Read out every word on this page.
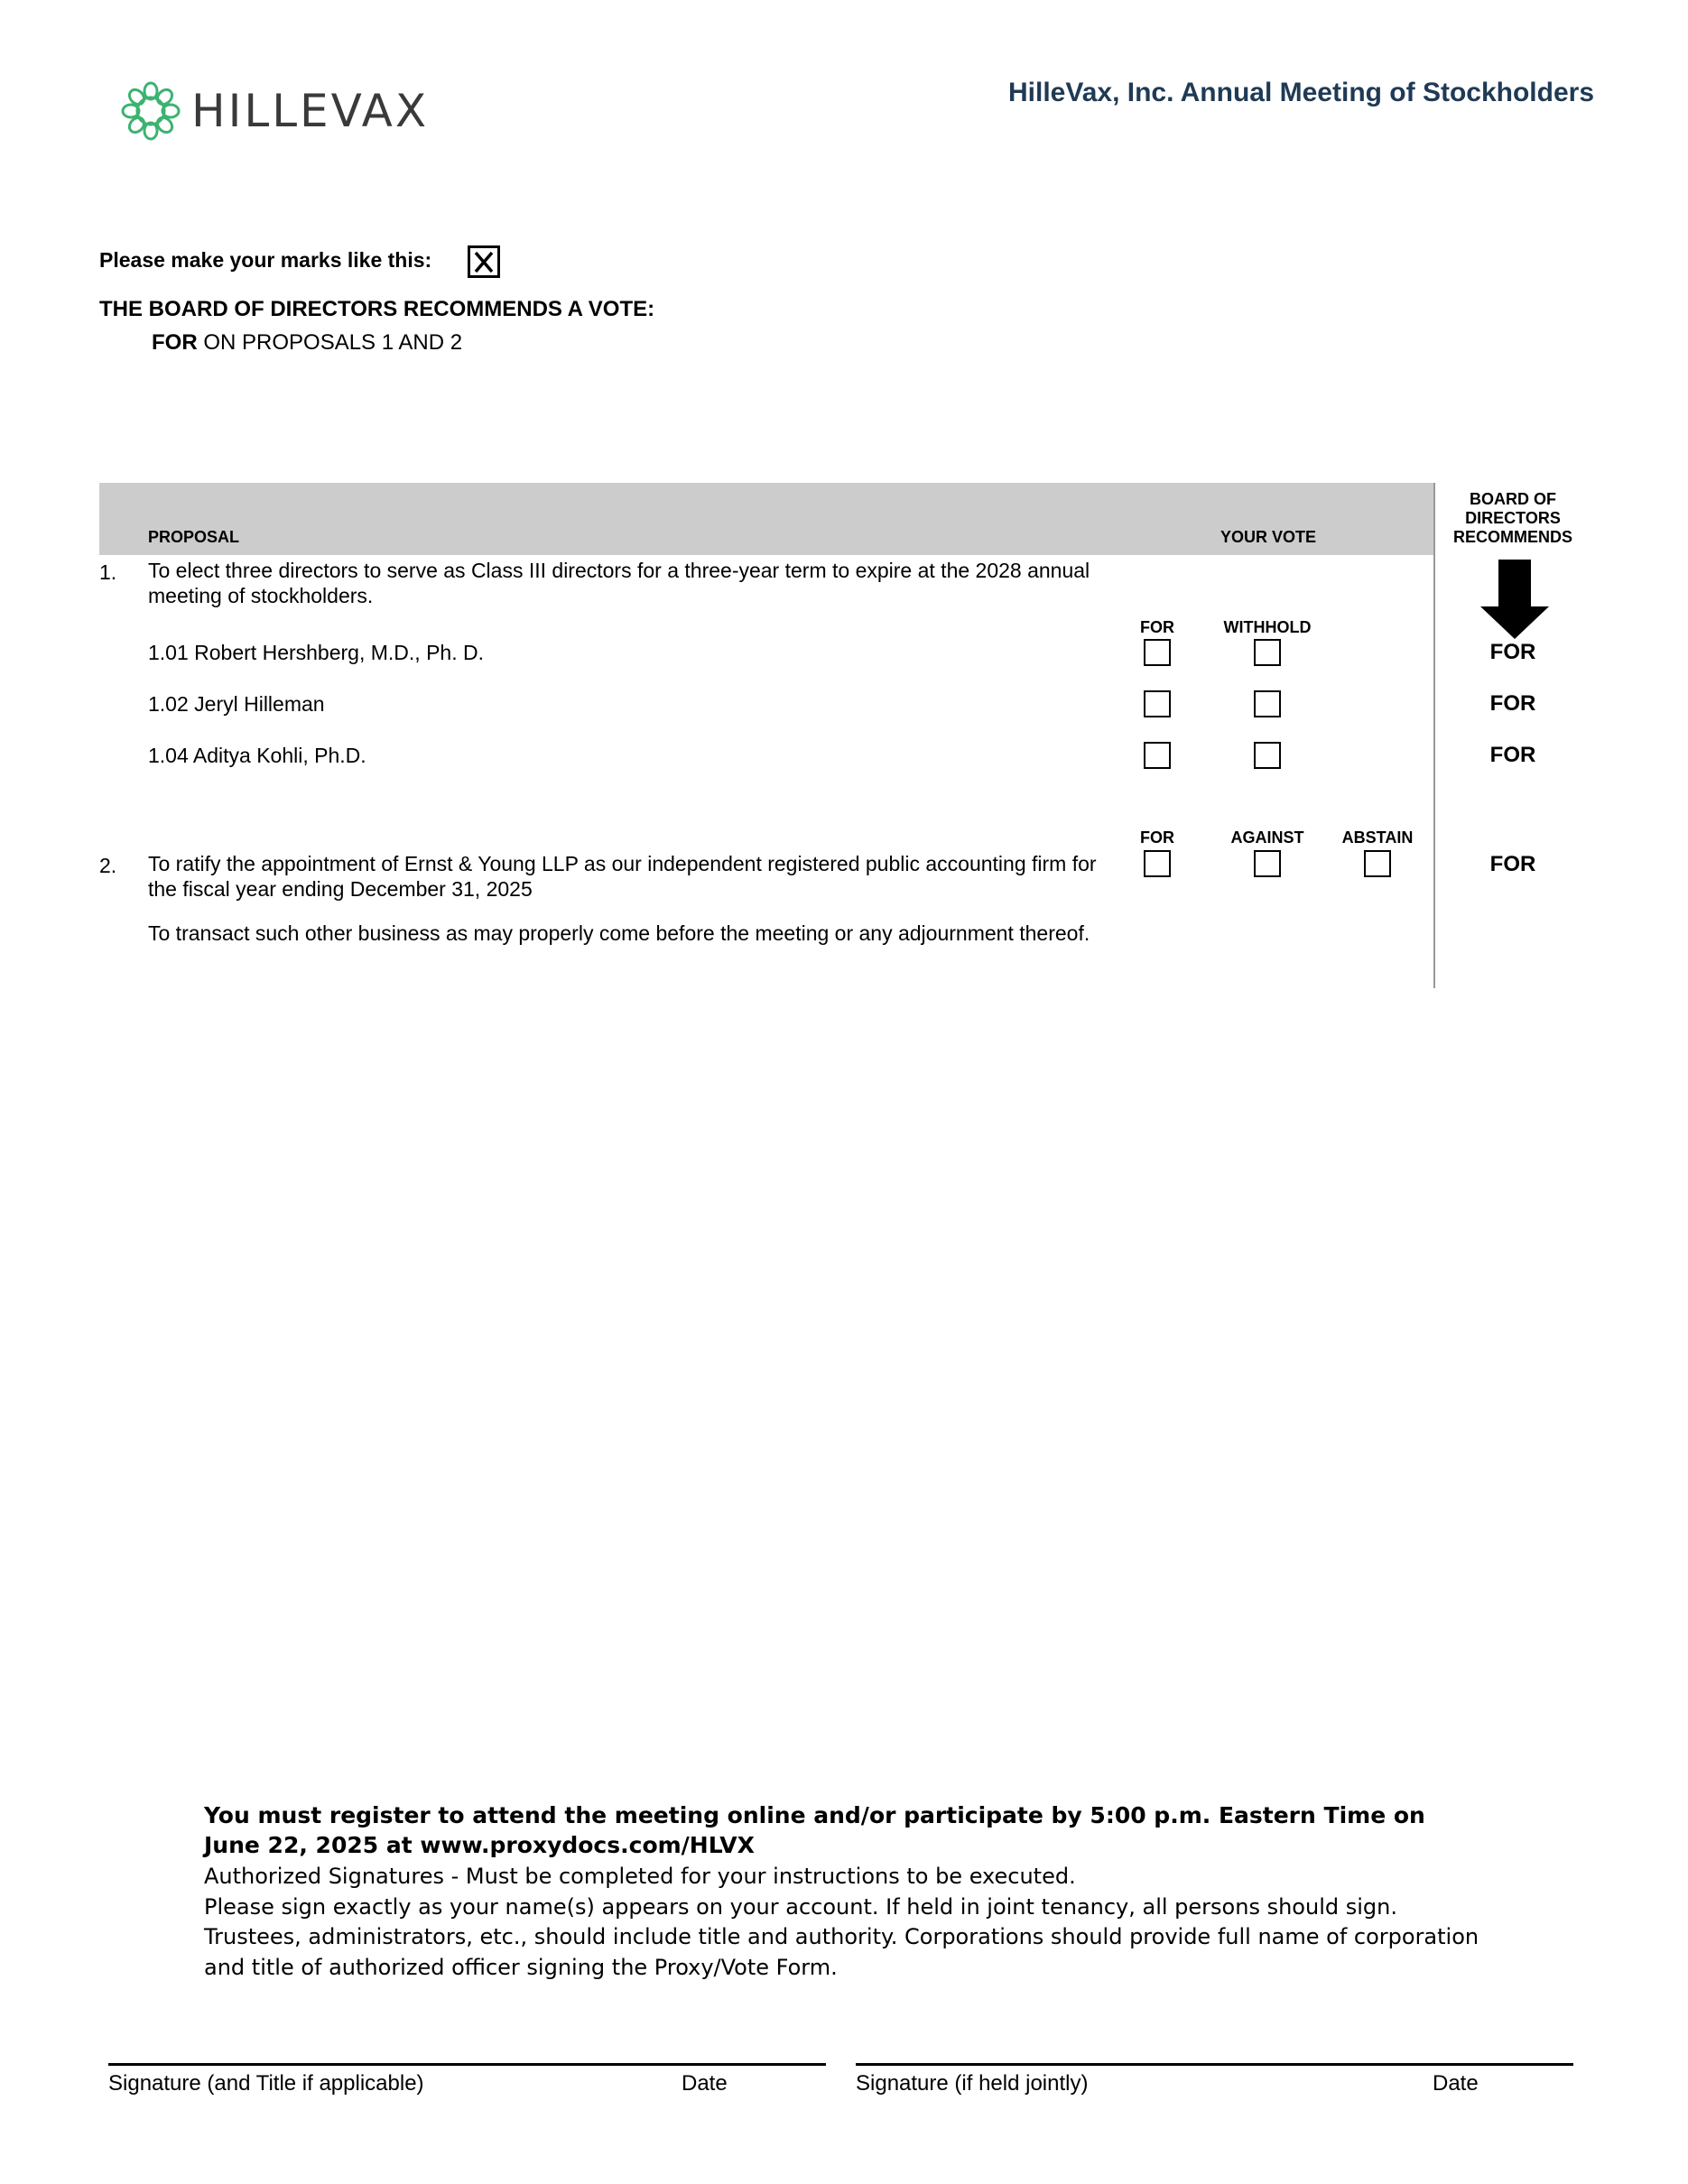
HILLEVAX	HilleVax, Inc. Annual Meeting of Stockholders
Please make your marks like this:
THE BOARD OF DIRECTORS RECOMMENDS A VOTE:
FOR ON PROPOSALS 1 AND 2
PROPOSAL	YOUR VOTE
BOARD OF
DIRECTORS
RECOMMENDS
1. To elect three directors to serve as Class III directors for a three-year term to expire at the 2028 annual meeting of stockholders.
FOR	WITHHOLD
1.01 Robert Hershberg, M.D., Ph. D.	FOR
1.02 Jeryl Hilleman	FOR
1.04 Aditya Kohli, Ph.D.	FOR
FOR	AGAINST	ABSTAIN
2. To ratify the appointment of Ernst & Young LLP as our independent registered public accounting firm for the fiscal year ending December 31, 2025
FOR
To transact such other business as may properly come before the meeting or any adjournment thereof.
You must register to attend the meeting online and/or participate by 5:00 p.m. Eastern Time on June 22, 2025 at www.proxydocs.com/HLVX
Authorized Signatures - Must be completed for your instructions to be executed.
Please sign exactly as your name(s) appears on your account. If held in joint tenancy, all persons should sign. Trustees, administrators, etc., should include title and authority. Corporations should provide full name of corporation and title of authorized officer signing the Proxy/Vote Form.
Signature (and Title if applicable)	Date	Signature (if held jointly)	Date
